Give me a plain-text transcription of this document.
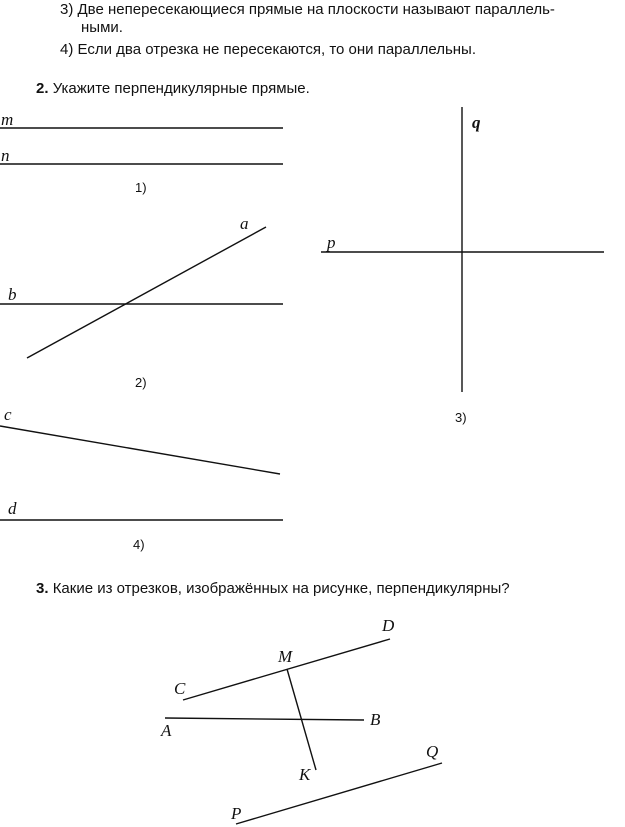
3) Две непересекающиеся прямые на плоскости называют параллель-
ными.
4) Если два отрезка не пересекаются, то они параллельны.
2. Укажите перпендикулярные прямые.
m
n
1)
a
b
2)
q
p
3)
c
d
4)
3. Какие из отрезков, изображённых на рисунке, перпендикулярны?
D
M
C
A
B
K
Q
P
